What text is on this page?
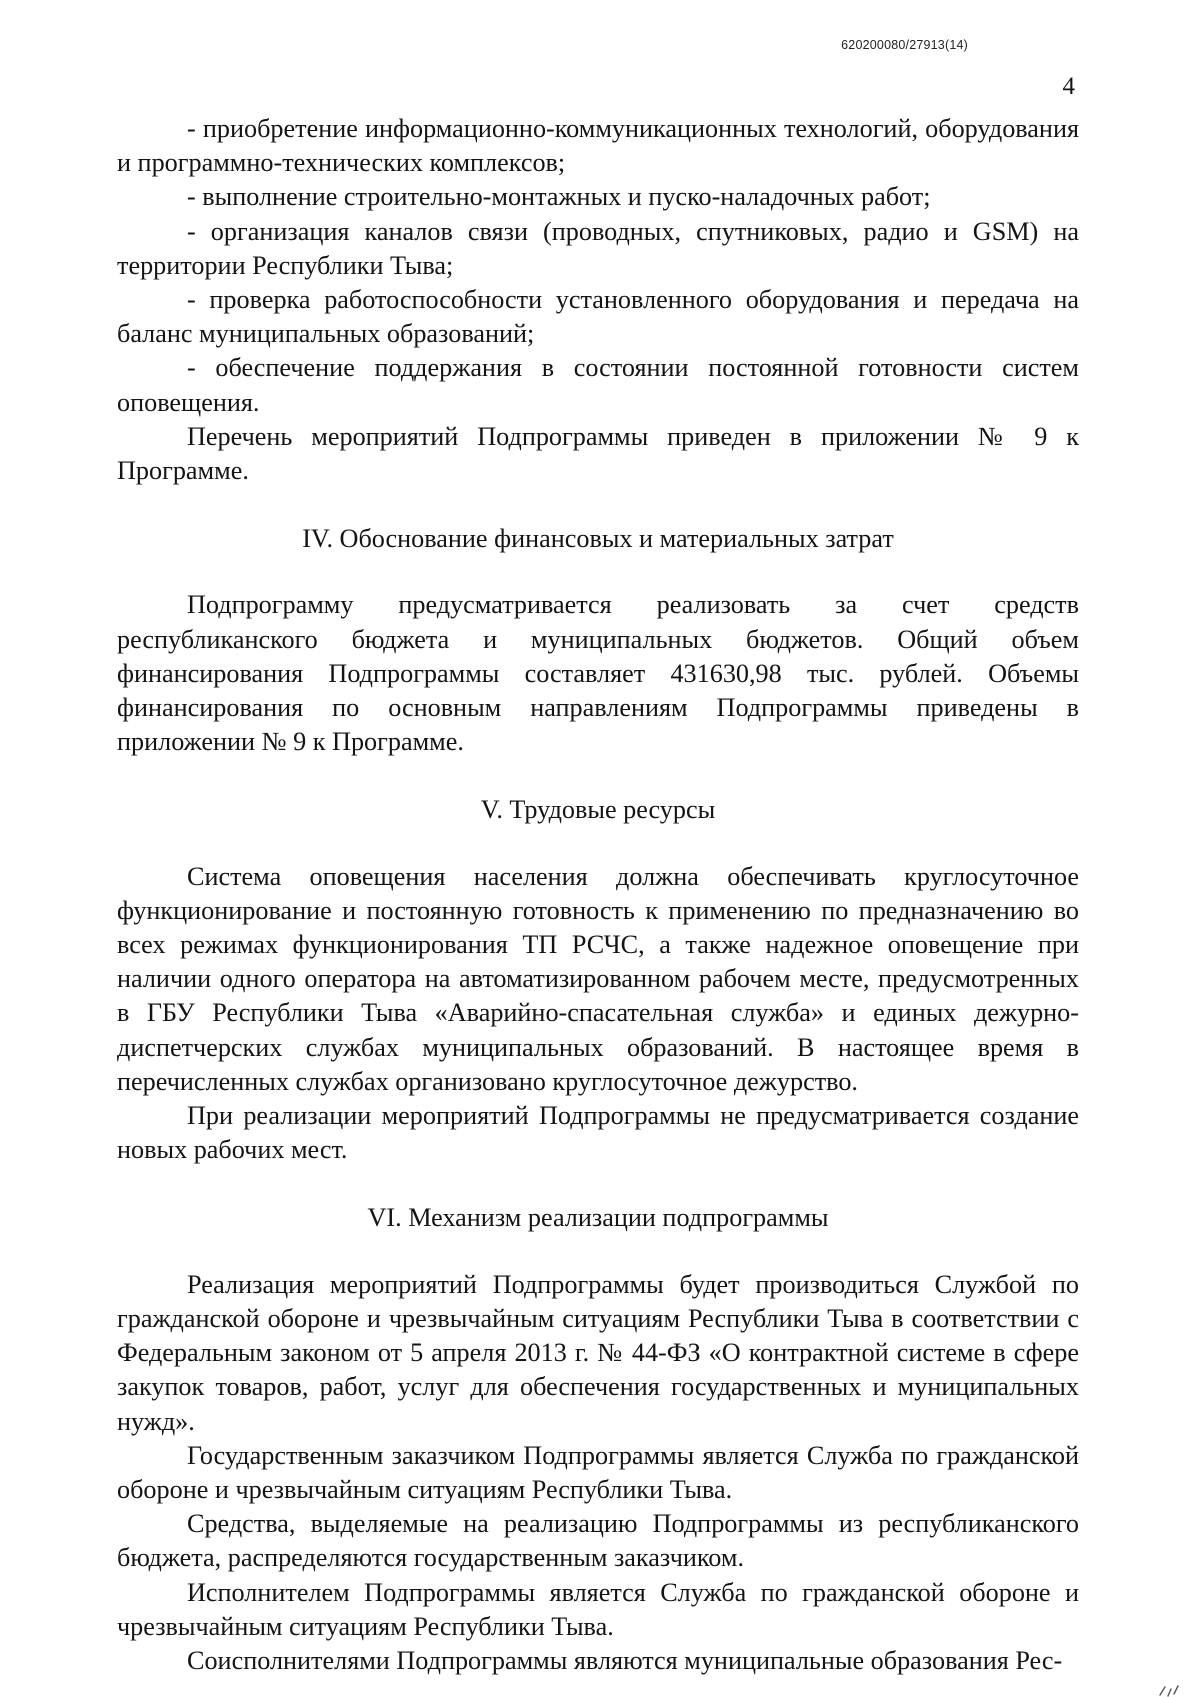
620200080/27913(14)
4

- приобретение информационно-коммуникационных технологий, оборудования и программно-технических комплексов;

- выполнение строительно-монтажных и пуско-наладочных работ;

- организация каналов связи (проводных, спутниковых, радио и GSM) на территории Республики Тыва;

- проверка работоспособности установленного оборудования и передача на баланс муниципальных образований;

- обеспечение поддержания в состоянии постоянной готовности систем оповещения.

Перечень мероприятий Подпрограммы приведен в приложении № 9 к Программе.

IV. Обоснование финансовых и материальных затрат

Подпрограмму предусматривается реализовать за счет средств республиканского бюджета и муниципальных бюджетов. Общий объем финансирования Подпрограммы составляет 431630,98 тыс. рублей. Объемы финансирования по основным направлениям Подпрограммы приведены в приложении № 9 к Программе.

V. Трудовые ресурсы

Система оповещения населения должна обеспечивать круглосуточное функционирование и постоянную готовность к применению по предназначению во всех режимах функционирования ТП РСЧС, а также надежное оповещение при наличии одного оператора на автоматизированном рабочем месте, предусмотренных в ГБУ Республики Тыва «Аварийно-спасательная служба» и единых дежурно-диспетчерских службах муниципальных образований. В настоящее время в перечисленных службах организовано круглосуточное дежурство.

При реализации мероприятий Подпрограммы не предусматривается создание новых рабочих мест.

VI. Механизм реализации подпрограммы

Реализация мероприятий Подпрограммы будет производиться Службой по гражданской обороне и чрезвычайным ситуациям Республики Тыва в соответствии с Федеральным законом от 5 апреля 2013 г. № 44-ФЗ «О контрактной системе в сфере закупок товаров, работ, услуг для обеспечения государственных и муниципальных нужд».

Государственным заказчиком Подпрограммы является Служба по гражданской обороне и чрезвычайным ситуациям Республики Тыва.

Средства, выделяемые на реализацию Подпрограммы из республиканского бюджета, распределяются государственным заказчиком.

Исполнителем Подпрограммы является Служба по гражданской обороне и чрезвычайным ситуациям Республики Тыва.

Соисполнителями Подпрограммы являются муниципальные образования Рес-
